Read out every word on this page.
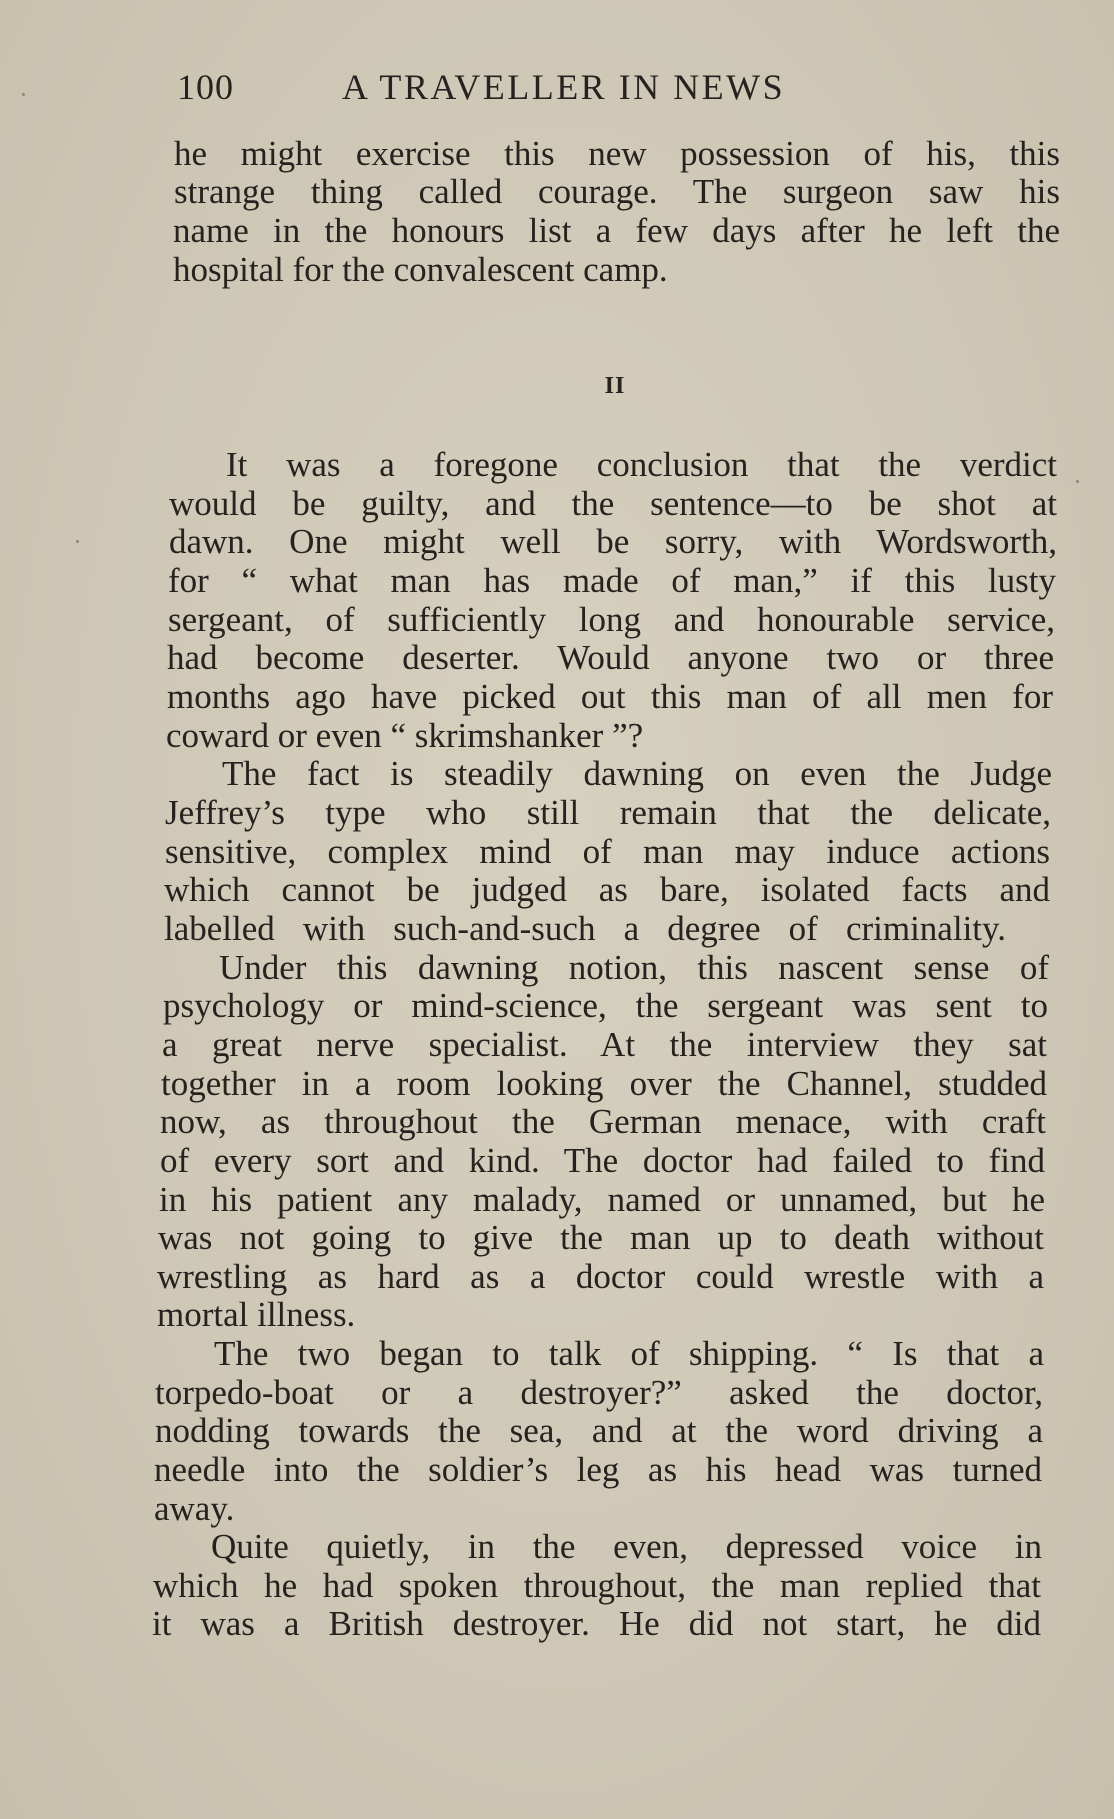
100	A TRAVELLER IN NEWS
he might exercise this new possession of his, this
strange thing called courage. The surgeon saw his
name in the honours list a few days after he left the
hospital for the convalescent camp.
II
It was a foregone conclusion that the verdict
would be guilty, and the sentence—to be shot at
dawn. One might well be sorry, with Wordsworth,
for “ what man has made of man,” if this lusty
sergeant, of sufficiently long and honourable service,
had become deserter. Would anyone two or three
months ago have picked out this man of all men for
coward or even “ skrimshanker ”?
The fact is steadily dawning on even the Judge
Jeffrey’s type who still remain that the delicate,
sensitive, complex mind of man may induce actions
which cannot be judged as bare, isolated facts and
labelled with such-and-such a degree of criminality.
Under this dawning notion, this nascent sense of
psychology or mind-science, the sergeant was sent to
a great nerve specialist. At the interview they sat
together in a room looking over the Channel, studded
now, as throughout the German menace, with craft
of every sort and kind. The doctor had failed to find
in his patient any malady, named or unnamed, but he
was not going to give the man up to death without
wrestling as hard as a doctor could wrestle with a
mortal illness.
The two began to talk of shipping. “ Is that a
torpedo-boat or a destroyer?” asked the doctor,
nodding towards the sea, and at the word driving a
needle into the soldier’s leg as his head was turned
away.
Quite quietly, in the even, depressed voice in
which he had spoken throughout, the man replied that
it was a British destroyer. He did not start, he did
